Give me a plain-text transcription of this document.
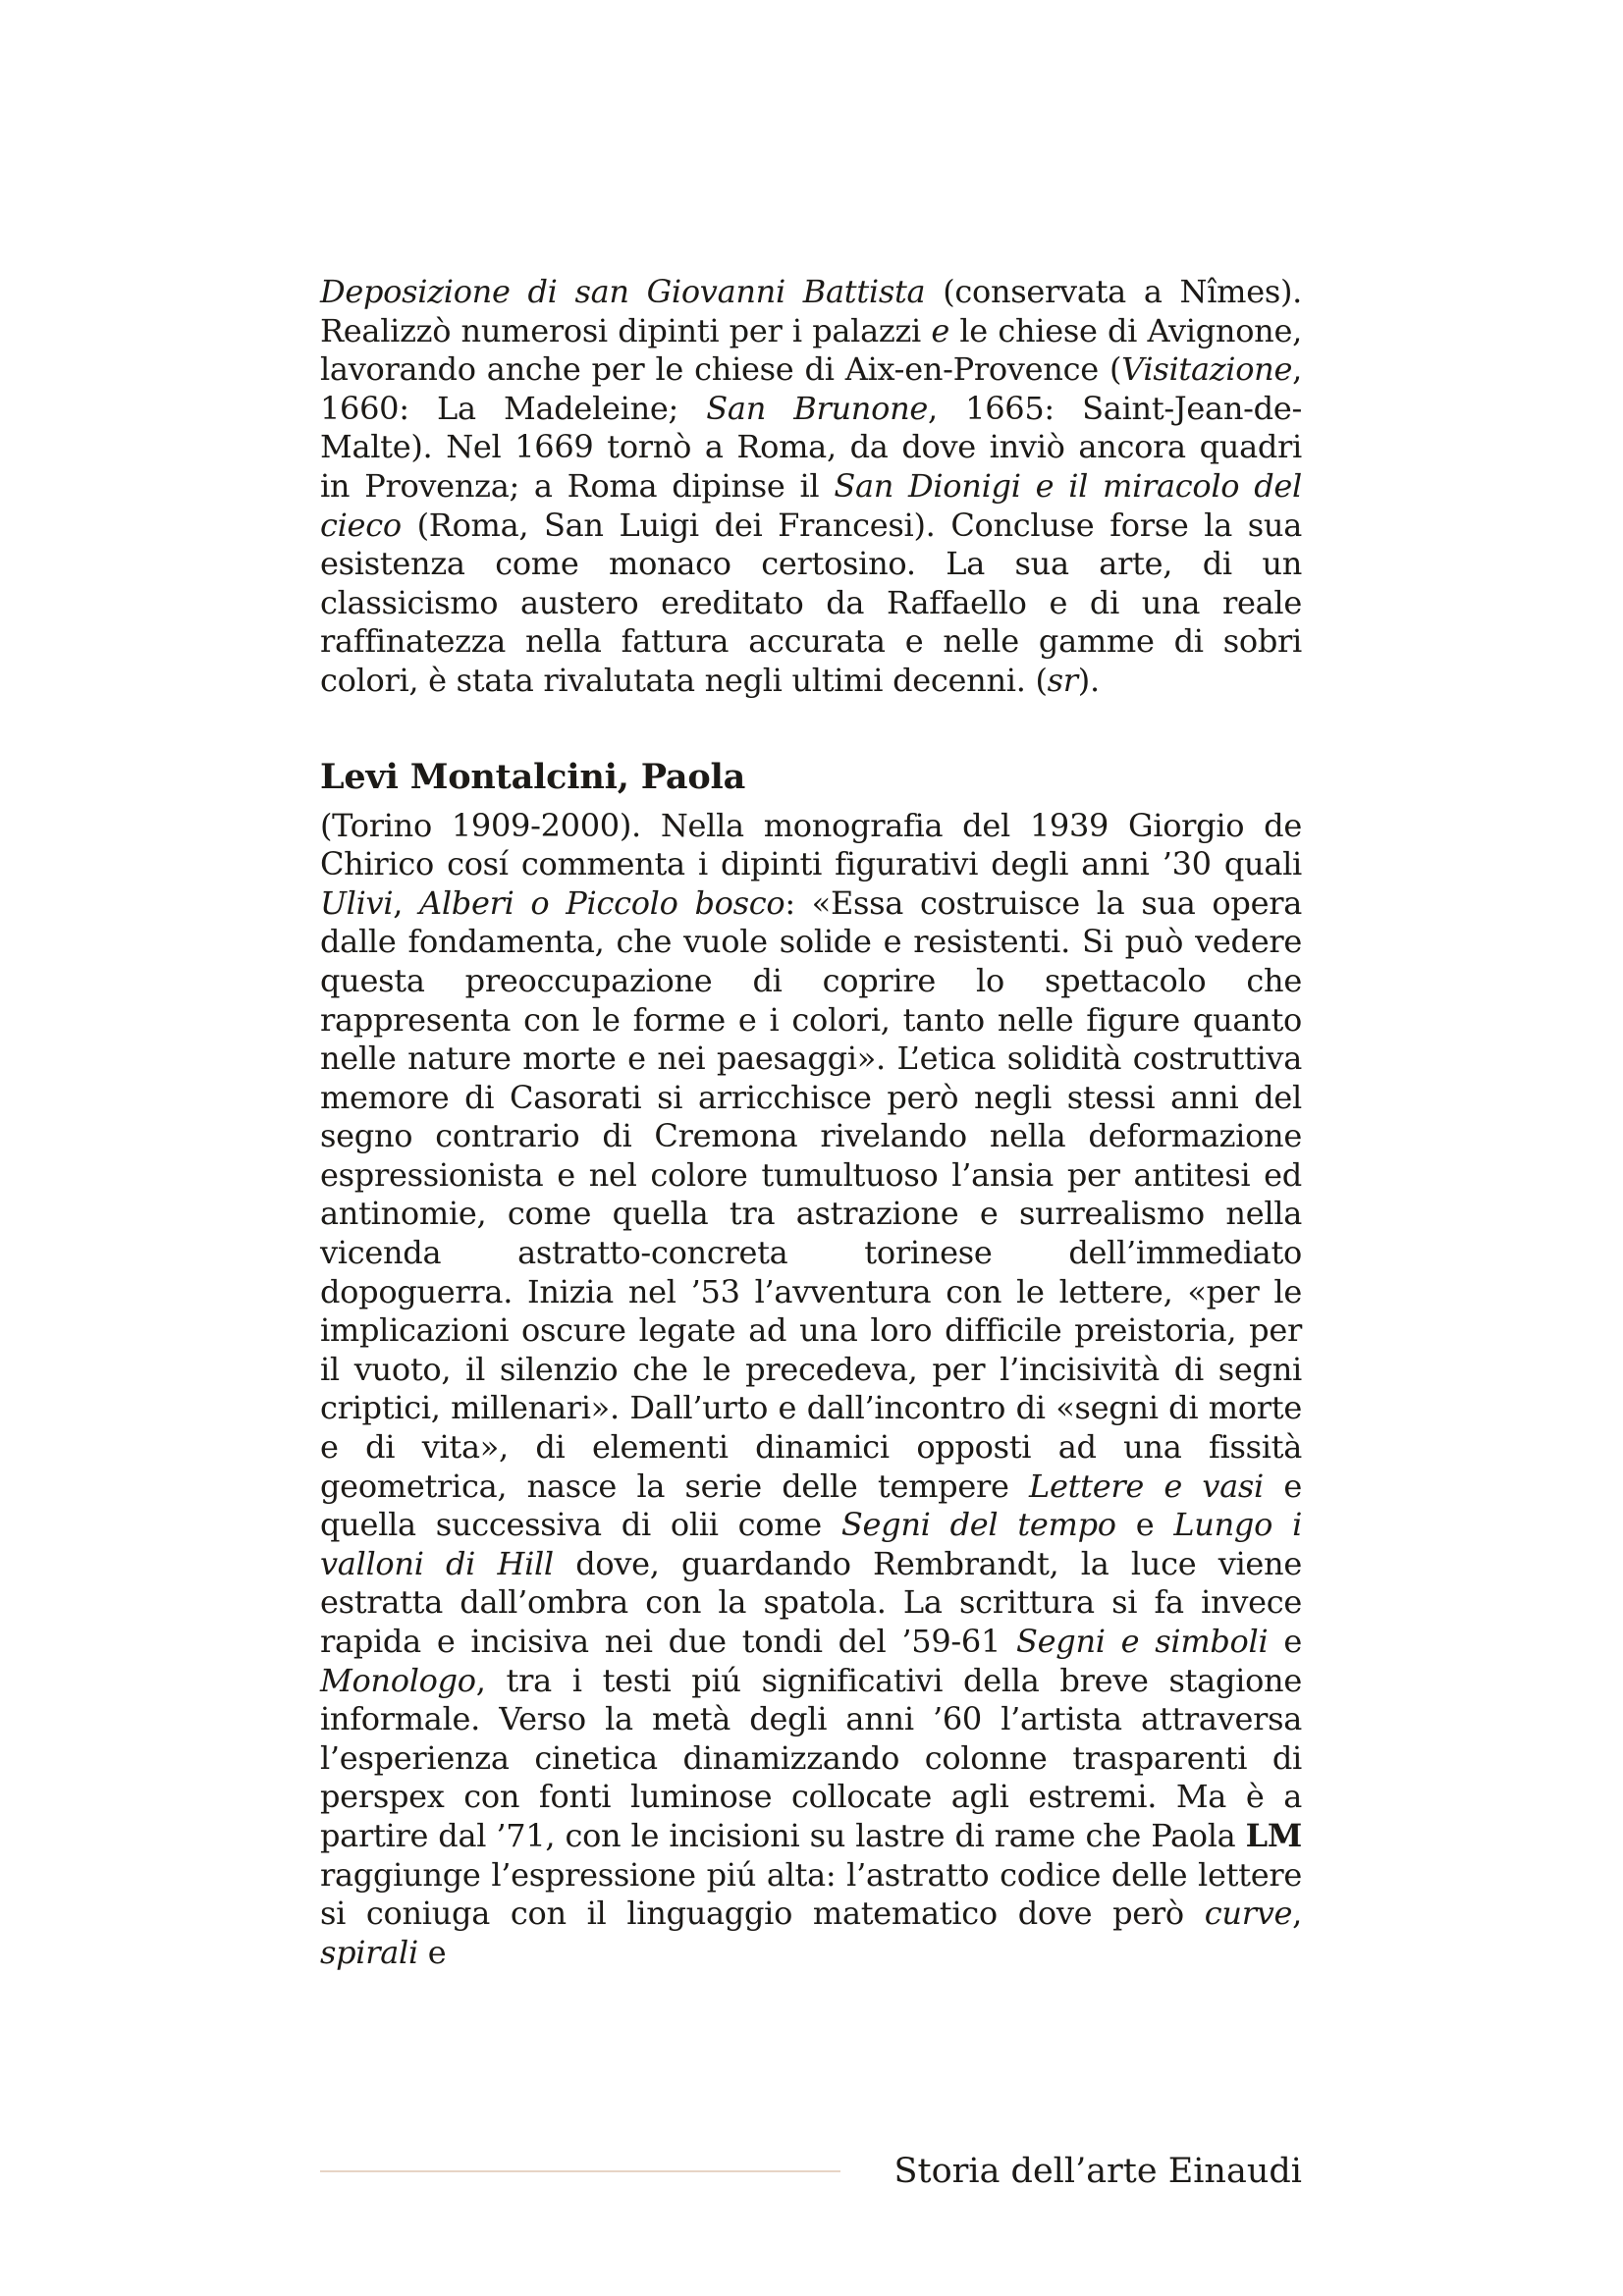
Deposizione di san Giovanni Battista (conservata a Nîmes). Realizzò numerosi dipinti per i palazzi e le chiese di Avignone, lavorando anche per le chiese di Aix-en-Provence (Visitazione, 1660: La Madeleine; San Brunone, 1665: Saint-Jean-de-Malte). Nel 1669 tornò a Roma, da dove inviò ancora quadri in Provenza; a Roma dipinse il San Dionigi e il miracolo del cieco (Roma, San Luigi dei Francesi). Concluse forse la sua esistenza come monaco certosino. La sua arte, di un classicismo austero ereditato da Raffaello e di una reale raffinatezza nella fattura accurata e nelle gamme di sobri colori, è stata rivalutata negli ultimi decenni. (sr).

Levi Montalcini, Paola

(Torino 1909-2000). Nella monografia del 1939 Giorgio de Chirico cosí commenta i dipinti figurativi degli anni ’30 quali Ulivi, Alberi o Piccolo bosco: «Essa costruisce la sua opera dalle fondamenta, che vuole solide e resistenti. Si può vedere questa preoccupazione di coprire lo spettacolo che rappresenta con le forme e i colori, tanto nelle figure quanto nelle nature morte e nei paesaggi». L’etica solidità costruttiva memore di Casorati si arricchisce però negli stessi anni del segno contrario di Cremona rivelando nella deformazione espressionista e nel colore tumultuoso l’ansia per antitesi ed antinomie, come quella tra astrazione e surrealismo nella vicenda astratto-concreta torinese dell’immediato dopoguerra. Inizia nel ’53 l’avventura con le lettere, «per le implicazioni oscure legate ad una loro difficile preistoria, per il vuoto, il silenzio che le precedeva, per l’incisività di segni criptici, millenari». Dall’urto e dall’incontro di «segni di morte e di vita», di elementi dinamici opposti ad una fissità geometrica, nasce la serie delle tempere Lettere e vasi e quella successiva di olii come Segni del tempo e Lungo i valloni di Hill dove, guardando Rembrandt, la luce viene estratta dall’ombra con la spatola. La scrittura si fa invece rapida e incisiva nei due tondi del ’59-61 Segni e simboli e Monologo, tra i testi piú significativi della breve stagione informale. Verso la metà degli anni ’60 l’artista attraversa l’esperienza cinetica dinamizzando colonne trasparenti di perspex con fonti luminose collocate agli estremi. Ma è a partire dal ’71, con le incisioni su lastre di rame che Paola LM raggiunge l’espressione piú alta: l’astratto codice delle lettere si coniuga con il linguaggio matematico dove però curve, spirali e

Storia dell’arte Einaudi
